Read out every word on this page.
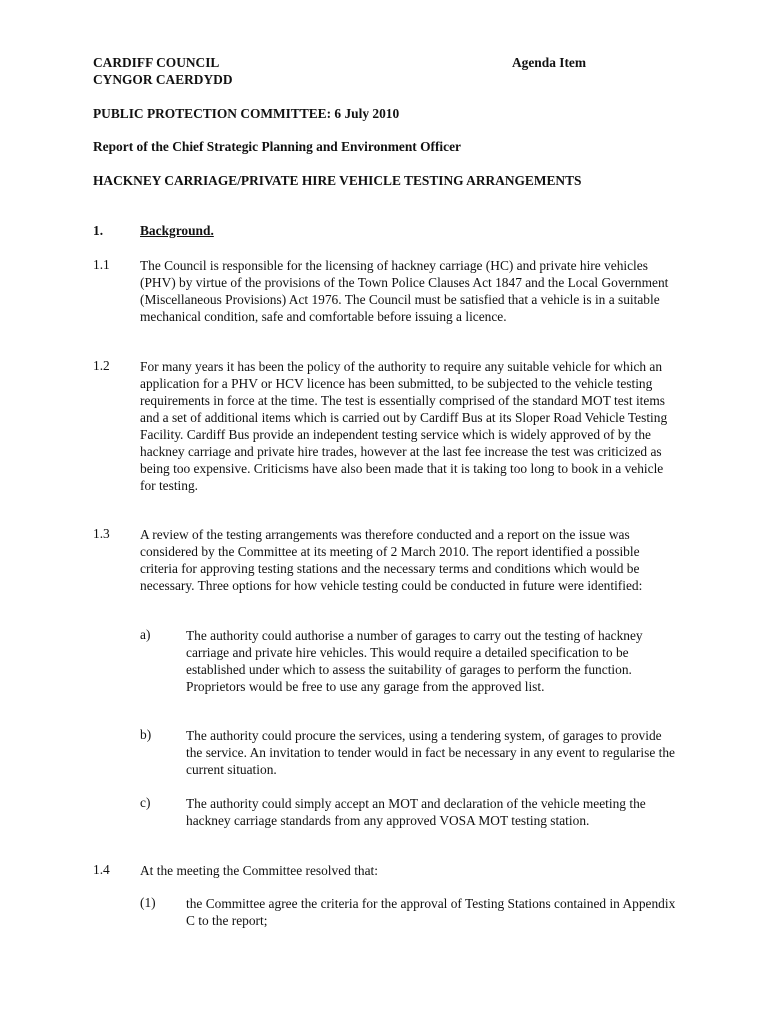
CARDIFF COUNCIL
CYNGOR CAERDYDD
Agenda Item
PUBLIC PROTECTION COMMITTEE: 6 July 2010
Report of the Chief Strategic Planning and Environment Officer
HACKNEY CARRIAGE/PRIVATE HIRE VEHICLE TESTING ARRANGEMENTS
1.	Background.
1.1 The Council is responsible for the licensing of hackney carriage (HC) and private hire vehicles (PHV) by virtue of the provisions of the Town Police Clauses Act 1847 and the Local Government (Miscellaneous Provisions) Act 1976. The Council must be satisfied that a vehicle is in a suitable mechanical condition, safe and comfortable before issuing a licence.
1.2 For many years it has been the policy of the authority to require any suitable vehicle for which an application for a PHV or HCV licence has been submitted, to be subjected to the vehicle testing requirements in force at the time. The test is essentially comprised of the standard MOT test items and a set of additional items which is carried out by Cardiff Bus at its Sloper Road Vehicle Testing Facility. Cardiff Bus provide an independent testing service which is widely approved of by the hackney carriage and private hire trades, however at the last fee increase the test was criticized as being too expensive. Criticisms have also been made that it is taking too long to book in a vehicle for testing.
1.3 A review of the testing arrangements was therefore conducted and a report on the issue was considered by the Committee at its meeting of 2 March 2010. The report identified a possible criteria for approving testing stations and the necessary terms and conditions which would be necessary. Three options for how vehicle testing could be conducted in future were identified:
a)	The authority could authorise a number of garages to carry out the testing of hackney carriage and private hire vehicles. This would require a detailed specification to be established under which to assess the suitability of garages to perform the function. Proprietors would be free to use any garage from the approved list.
b)	The authority could procure the services, using a tendering system, of garages to provide the service. An invitation to tender would in fact be necessary in any event to regularise the current situation.
c)	The authority could simply accept an MOT and declaration of the vehicle meeting the hackney carriage standards from any approved VOSA MOT testing station.
1.4 At the meeting the Committee resolved that:
(1) the Committee agree the criteria for the approval of Testing Stations contained in Appendix C to the report;
